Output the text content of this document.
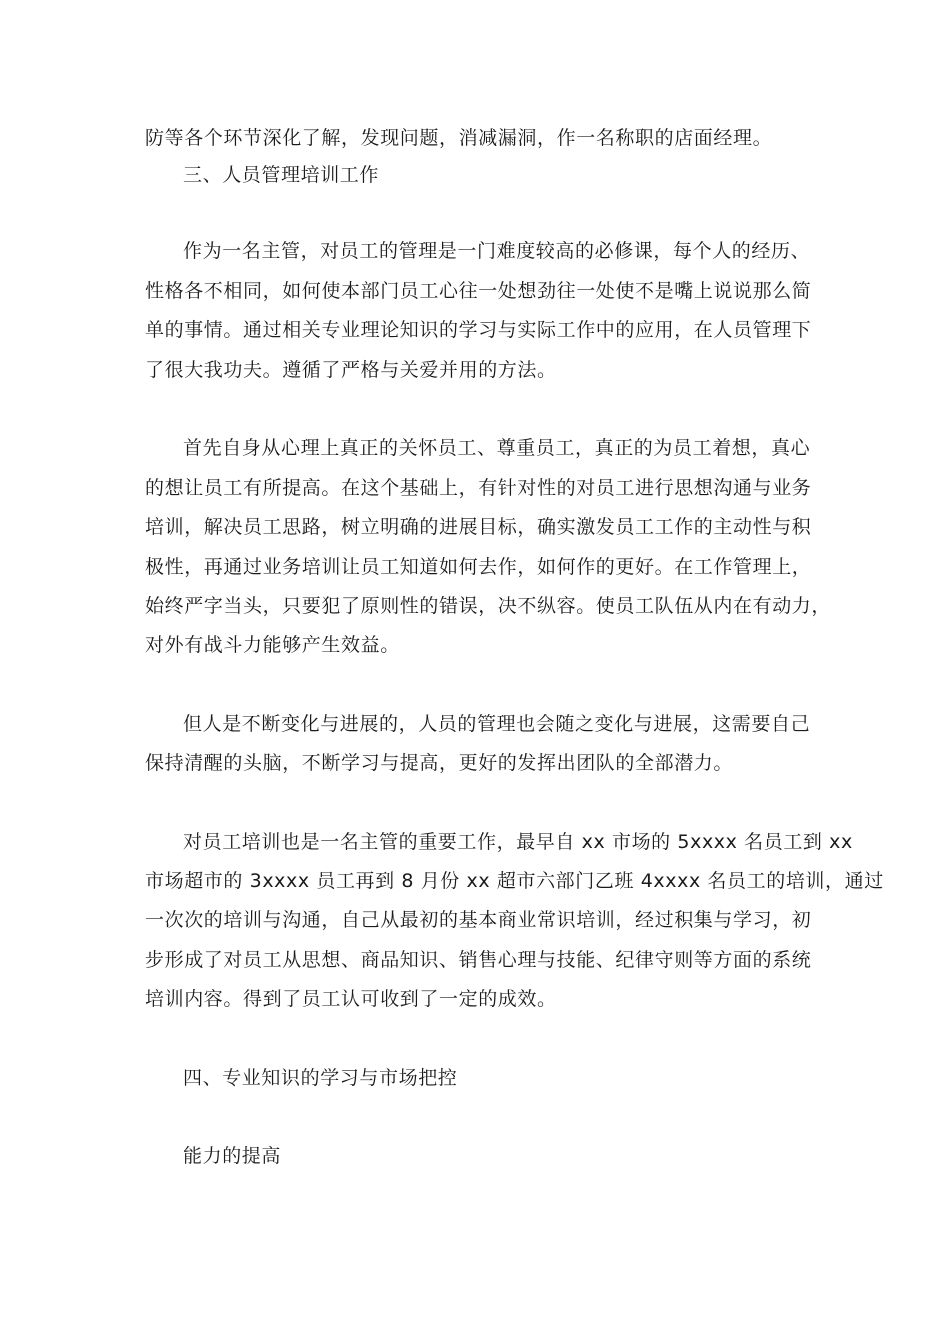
防等各个环节深化了解，发现问题，消减漏洞，作一名称职的店面经理。
三、人员管理培训工作
作为一名主管，对员工的管理是一门难度较高的必修课，每个人的经历、
性格各不相同，如何使本部门员工心往一处想劲往一处使不是嘴上说说那么简
单的事情。通过相关专业理论知识的学习与实际工作中的应用，在人员管理下
了很大我功夫。遵循了严格与关爱并用的方法。
首先自身从心理上真正的关怀员工、尊重员工，真正的为员工着想，真心
的想让员工有所提高。在这个基础上，有针对性的对员工进行思想沟通与业务
培训，解决员工思路，树立明确的进展目标，确实激发员工工作的主动性与积
极性，再通过业务培训让员工知道如何去作，如何作的更好。在工作管理上，
始终严字当头，只要犯了原则性的错误，决不纵容。使员工队伍从内在有动力，
对外有战斗力能够产生效益。
但人是不断变化与进展的，人员的管理也会随之变化与进展，这需要自己
保持清醒的头脑，不断学习与提高，更好的发挥出团队的全部潜力。
对员工培训也是一名主管的重要工作，最早自 xx 市场的 5xxxx 名员工到 xx
市场超市的 3xxxx 员工再到 8 月份 xx 超市六部门乙班 4xxxx 名员工的培训，通过
一次次的培训与沟通，自己从最初的基本商业常识培训，经过积集与学习，初
步形成了对员工从思想、商品知识、销售心理与技能、纪律守则等方面的系统
培训内容。得到了员工认可收到了一定的成效。
四、专业知识的学习与市场把控
能力的提高
